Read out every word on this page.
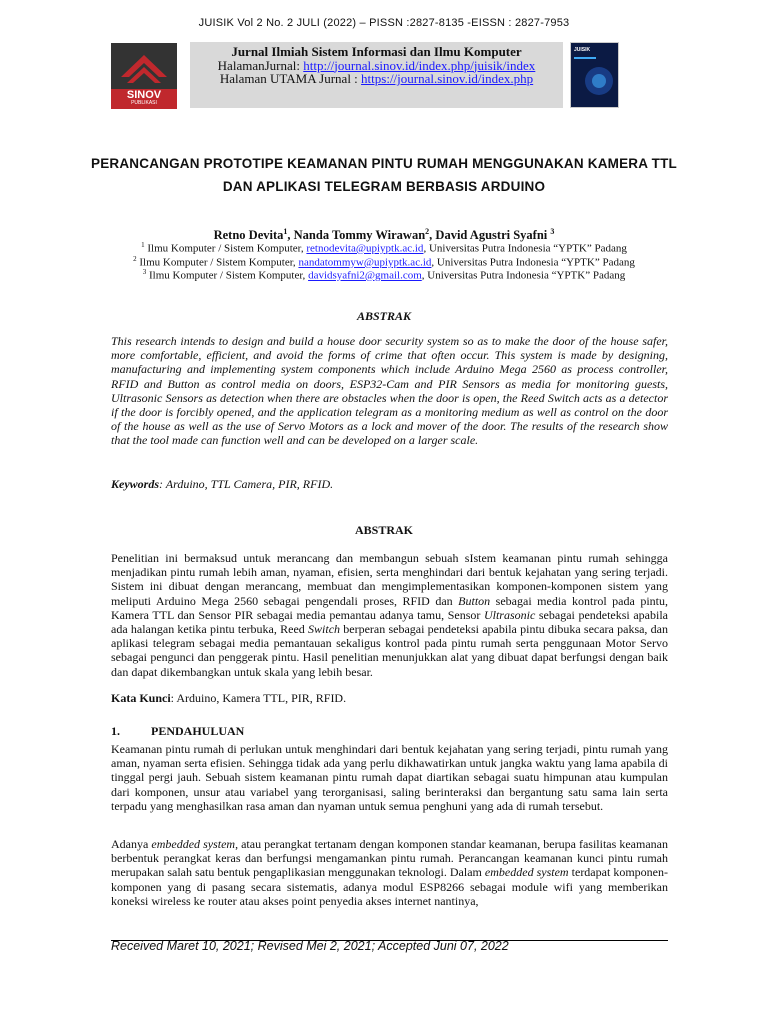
JUISIK Vol 2 No. 2 JULI (2022) – PISSN :2827-8135 -EISSN : 2827-7953
SINOV
PUBLIKASI
Jurnal Ilmiah Sistem Informasi dan Ilmu Komputer
HalamanJurnal: http://journal.sinov.id/index.php/juisik/index
Halaman UTAMA Jurnal : https://journal.sinov.id/index.php
JUISIK
PERANCANGAN PROTOTIPE KEAMANAN PINTU RUMAH MENGGUNAKAN KAMERA TTL
DAN APLIKASI TELEGRAM BERBASIS ARDUINO
Retno Devita$^1$, Nanda Tommy Wirawan$^2$, David Agustri Syafni $^3$
$^1$ Ilmu Komputer / Sistem Komputer, retnodevita@upiyptk.ac.id, Universitas Putra Indonesia “YPTK” Padang
$^2$ Ilmu Komputer / Sistem Komputer, nandatommyw@upiyptk.ac.id, Universitas Putra Indonesia “YPTK” Padang
$^3$ Ilmu Komputer / Sistem Komputer, davidsyafni2@gmail.com, Universitas Putra Indonesia “YPTK” Padang
ABSTRAK
This research intends to design and build a house door security system so as to make the door of the house safer, more comfortable, efficient, and avoid the forms of crime that often occur. This system is made by designing, manufacturing and implementing system components which include Arduino Mega 2560 as process controller, RFID and Button as control media on doors, ESP32-Cam and PIR Sensors as media for monitoring guests, Ultrasonic Sensors as detection when there are obstacles when the door is open, the Reed Switch acts as a detector if the door is forcibly opened, and the application telegram as a monitoring medium as well as control on the door of the house as well as the use of Servo Motors as a lock and mover of the door. The results of the research show that the tool made can function well and can be developed on a larger scale.
Keywords: Arduino, TTL Camera, PIR, RFID.
ABSTRAK
Penelitian ini bermaksud untuk merancang dan membangun sebuah sIstem keamanan pintu rumah sehingga menjadikan pintu rumah lebih aman, nyaman, efisien, serta menghindari dari bentuk kejahatan yang sering terjadi. Sistem ini dibuat dengan merancang, membuat dan mengimplementasikan komponen-komponen sistem yang meliputi Arduino Mega 2560 sebagai pengendali proses, RFID dan Button sebagai media kontrol pada pintu, Kamera TTL dan Sensor PIR sebagai media pemantau adanya tamu, Sensor Ultrasonic sebagai pendeteksi apabila ada halangan ketika pintu terbuka, Reed Switch berperan sebagai pendeteksi apabila pintu dibuka secara paksa, dan aplikasi telegram sebagai media pemantauan sekaligus kontrol pada pintu rumah serta penggunaan Motor Servo sebagai pengunci dan penggerak pintu. Hasil penelitian menunjukkan alat yang dibuat dapat berfungsi dengan baik dan dapat dikembangkan untuk skala yang lebih besar.
Kata Kunci: Arduino, Kamera TTL, PIR, RFID.
1.	PENDAHULUAN
Keamanan pintu rumah di perlukan untuk menghindari dari bentuk kejahatan yang sering terjadi, pintu rumah yang aman, nyaman serta efisien. Sehingga tidak ada yang perlu dikhawatirkan untuk jangka waktu yang lama apabila di tinggal pergi jauh. Sebuah sistem keamanan pintu rumah dapat diartikan sebagai suatu himpunan atau kumpulan dari komponen, unsur atau variabel yang terorganisasi, saling berinteraksi dan bergantung satu sama lain serta terpadu yang menghasilkan rasa aman dan nyaman untuk semua penghuni yang ada di rumah tersebut.
Adanya embedded system, atau perangkat tertanam dengan komponen standar keamanan, berupa fasilitas keamanan berbentuk perangkat keras dan berfungsi mengamankan pintu rumah. Perancangan keamanan kunci pintu rumah merupakan salah satu bentuk pengaplikasian menggunakan teknologi. Dalam embedded system terdapat komponen-komponen yang di pasang secara sistematis, adanya modul ESP8266 sebagai module wifi yang memberikan koneksi wireless ke router atau akses point penyedia akses internet nantinya,
Received Maret 10, 2021; Revised Mei 2, 2021; Accepted Juni 07, 2022
